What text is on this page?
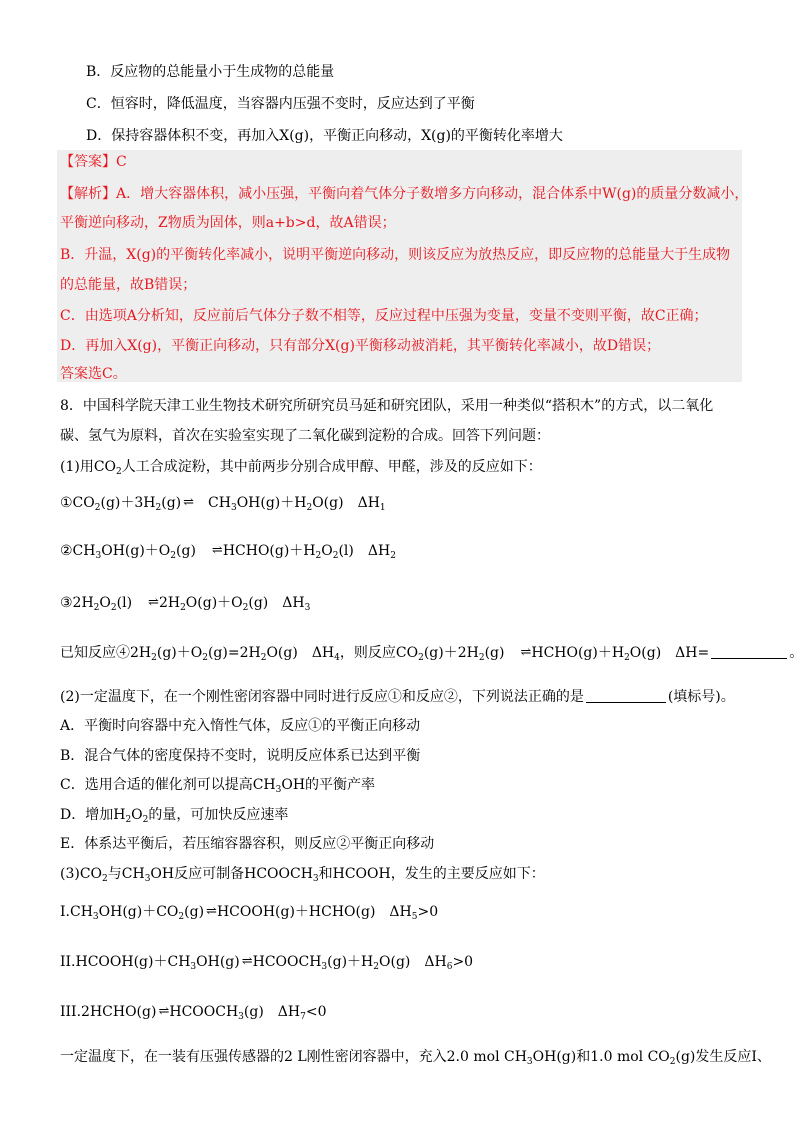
B．反应物的总能量小于生成物的总能量
C．恒容时，降低温度，当容器内压强不变时，反应达到了平衡
D．保持容器体积不变，再加入X(g)，平衡正向移动，X(g)的平衡转化率增大
【答案】C
【解析】A．增大容器体积，减小压强，平衡向着气体分子数增多方向移动，混合体系中W(g)的质量分数减小，
平衡逆向移动，Z物质为固体，则a+b>d，故A错误；
B．升温，X(g)的平衡转化率减小，说明平衡逆向移动，则该反应为放热反应，即反应物的总能量大于生成物
的总能量，故B错误；
C．由选项A分析知，反应前后气体分子数不相等，反应过程中压强为变量，变量不变则平衡，故C正确；
D．再加入X(g)，平衡正向移动，只有部分X(g)平衡移动被消耗，其平衡转化率减小，故D错误；
答案选C。
8．中国科学院天津工业生物技术研究所研究员马延和研究团队，采用一种类似“搭积木”的方式，以二氧化
碳、氢气为原料，首次在实验室实现了二氧化碳到淀粉的合成。回答下列问题：
(1)用$CO_2$人工合成淀粉，其中前两步分别合成甲醇、甲醛，涉及的反应如下：
$①CO_2(g)+3H_2(g)$ ⇌ $CH_3OH(g)+H_2O(g)$ $\Delta H_1$
$②CH_3OH(g)+O_2(g)$ ⇌ $HCHO(g)+H_2O_2(l)$ $\Delta H_2$
$③2H_2O_2(l)$ ⇌ $2H_2O(g)+O_2(g)$ $\Delta H_3$
已知反应$④2H_2(g)+O_2(g)=2H_2O(g)$ $\Delta H_4$，则反应$CO_2(g)+2H_2(g)$ ⇌ $HCHO(g)+H_2O(g)$ ΔH=	。
(2)一定温度下，在一个刚性密闭容器中同时进行反应①和反应②，下列说法正确的是	(填标号)。
A．平衡时向容器中充入惰性气体，反应①的平衡正向移动
B．混合气体的密度保持不变时，说明反应体系已达到平衡
C．选用合适的催化剂可以提高$CH_3OH$的平衡产率
D．增加$H_2O_2$的量，可加快反应速率
E．体系达平衡后，若压缩容器容积，则反应②平衡正向移动
$(3)CO_2$与$CH_3OH$反应可制备$HCOOCH_3$和HCOOH，发生的主要反应如下：
$I.CH_3OH(g)+CO_2(g)$ ⇌ HCOOH(g)＋HCHO(g) $\Delta H_5>0$
$II.HCOOH(g)+CH_3OH(g)$ ⇌ $HCOOCH_3(g)+H_2O(g)$ $\Delta H_6>0$
III.2HCHO(g) ⇌ $HCOOCH_3(g)$ $\Delta H_7<0$
一定温度下，在一装有压强传感器的2 L刚性密闭容器中，充入2.0 mol $CH_3OH(g)$和1.0 mol $CO_2(g)$发生反应Ⅰ、
